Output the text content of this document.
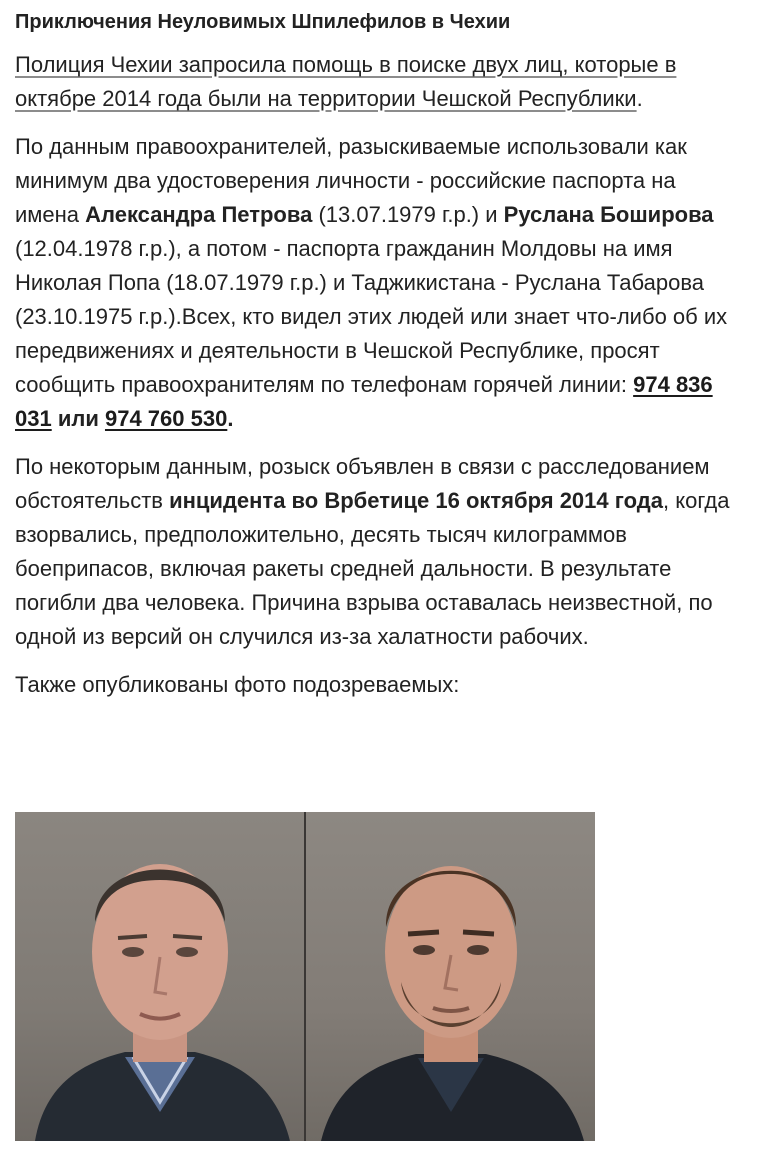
Приключения Неуловимых Шпилефилов в Чехии

Полиция Чехии запросила помощь в поиске двух лиц, которые в октябре 2014 года были на территории Чешской Республики.

По данным правоохранителей, разыскиваемые использовали как минимум два удостоверения личности - российские паспорта на имена Александра Петрова (13.07.1979 г.р.) и Руслана Боширова (12.04.1978 г.р.), а потом - паспорта гражданин Молдовы на имя Николая Попа (18.07.1979 г.р.) и Таджикистана - Руслана Табарова (23.10.1975 г.р.).Всех, кто видел этих людей или знает что-либо об их передвижениях и деятельности в Чешской Республике, просят сообщить правоохранителям по телефонам горячей линии: 974 836 031 или 974 760 530.

По некоторым данным, розыск объявлен в связи с расследованием обстоятельств инцидента во Врбетице 16 октября 2014 года, когда взорвались, предположительно, десять тысяч килограммов боеприпасов, включая ракеты средней дальности. В результате погибли два человека. Причина взрыва оставалась неизвестной, по одной из версий он случился из-за халатности рабочих.

Также опубликованы фото подозреваемых:
